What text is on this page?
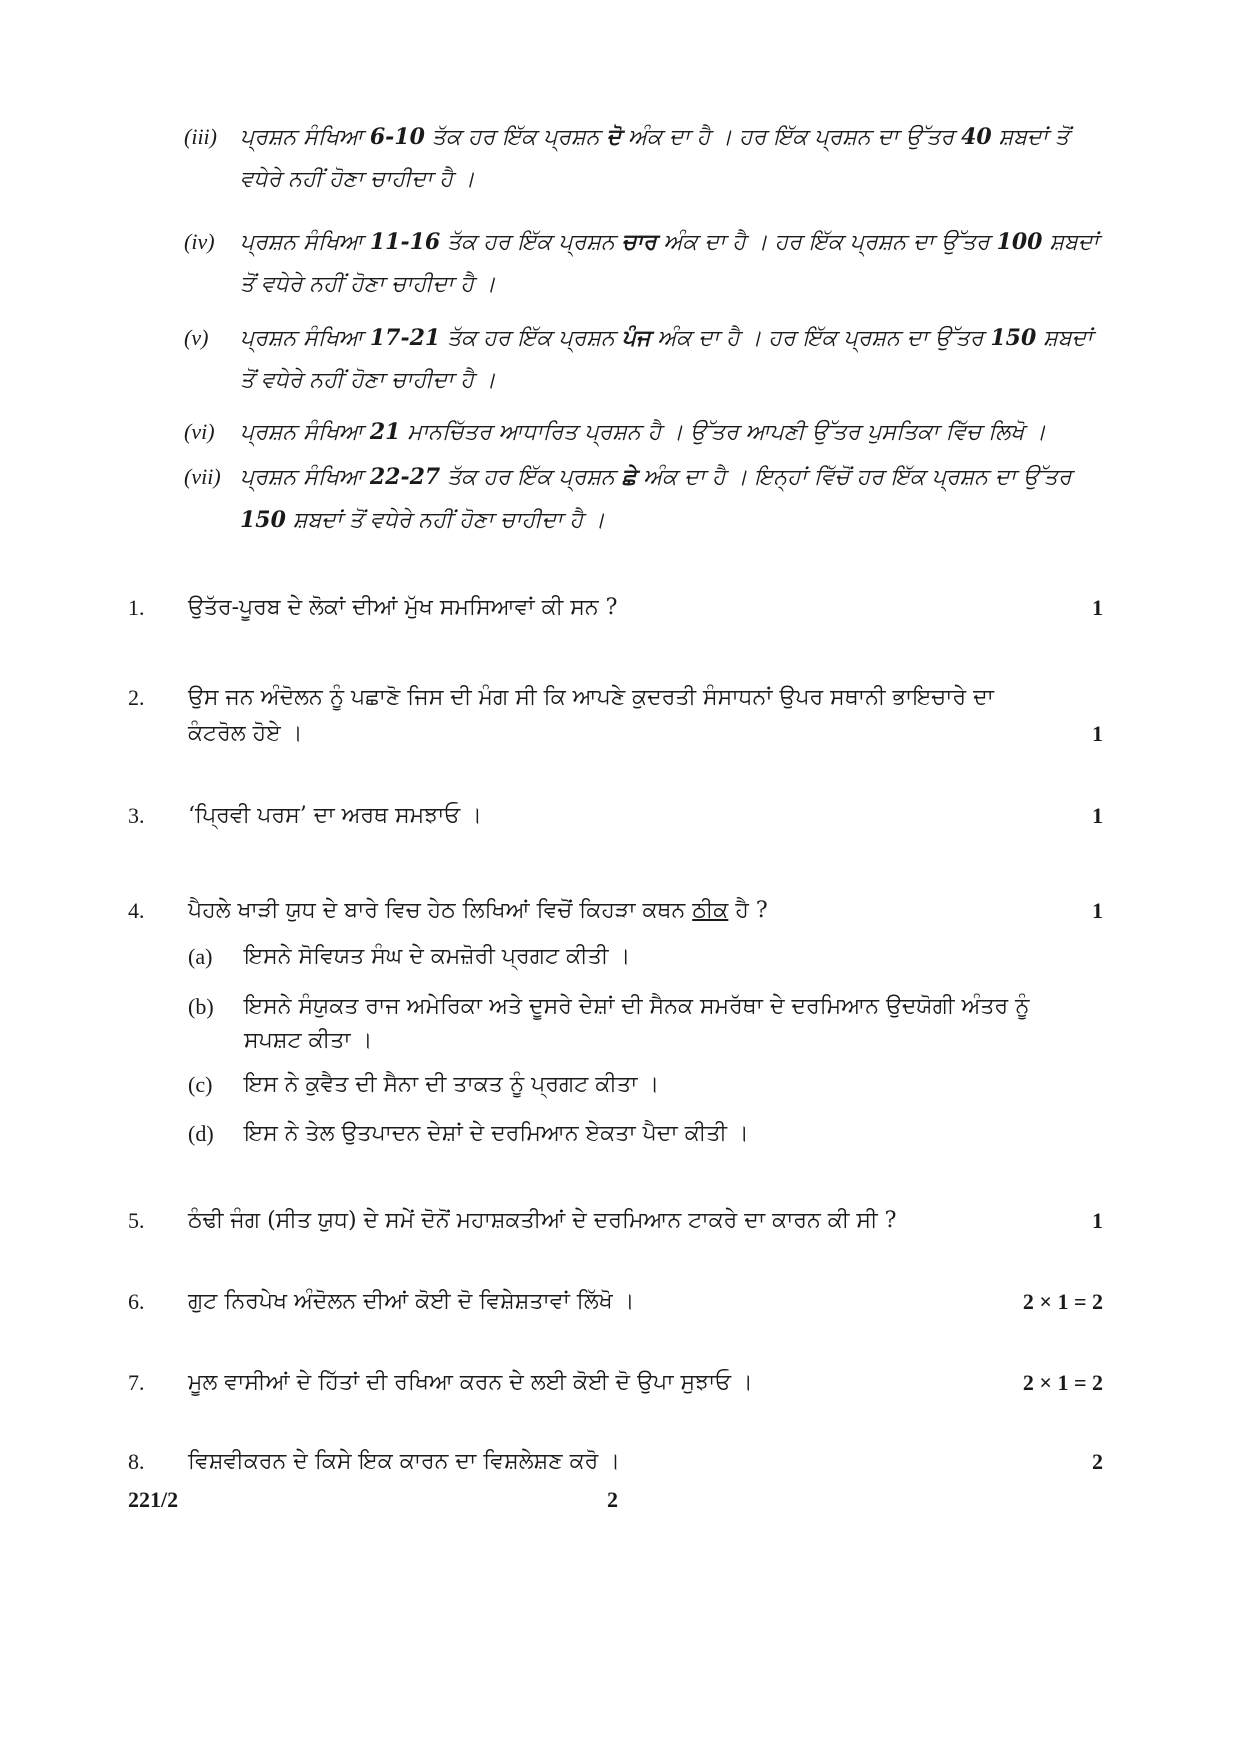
(iii)	ਪ੍ਰਸ਼ਨ ਸੰਖਿਆ 6-10 ਤੱਕ ਹਰ ਇੱਕ ਪ੍ਰਸ਼ਨ ਦੋ ਅੰਕ ਦਾ ਹੈ । ਹਰ ਇੱਕ ਪ੍ਰਸ਼ਨ ਦਾ ਉੱਤਰ 40 ਸ਼ਬਦਾਂ ਤੋਂ ਵਧੇਰੇ ਨਹੀਂ ਹੋਣਾ ਚਾਹੀਦਾ ਹੈ ।
(iv)	ਪ੍ਰਸ਼ਨ ਸੰਖਿਆ 11-16 ਤੱਕ ਹਰ ਇੱਕ ਪ੍ਰਸ਼ਨ ਚਾਰ ਅੰਕ ਦਾ ਹੈ । ਹਰ ਇੱਕ ਪ੍ਰਸ਼ਨ ਦਾ ਉੱਤਰ 100 ਸ਼ਬਦਾਂ ਤੋਂ ਵਧੇਰੇ ਨਹੀਂ ਹੋਣਾ ਚਾਹੀਦਾ ਹੈ ।
(v)	ਪ੍ਰਸ਼ਨ ਸੰਖਿਆ 17-21 ਤੱਕ ਹਰ ਇੱਕ ਪ੍ਰਸ਼ਨ ਪੰਜ ਅੰਕ ਦਾ ਹੈ । ਹਰ ਇੱਕ ਪ੍ਰਸ਼ਨ ਦਾ ਉੱਤਰ 150 ਸ਼ਬਦਾਂ ਤੋਂ ਵਧੇਰੇ ਨਹੀਂ ਹੋਣਾ ਚਾਹੀਦਾ ਹੈ ।
(vi)	ਪ੍ਰਸ਼ਨ ਸੰਖਿਆ 21 ਮਾਨਚਿੱਤਰ ਆਧਾਰਿਤ ਪ੍ਰਸ਼ਨ ਹੈ । ਉੱਤਰ ਆਪਣੀ ਉੱਤਰ ਪੁਸਤਿਕਾ ਵਿੱਚ ਲਿਖੋ ।
(vii) ਪ੍ਰਸ਼ਨ ਸੰਖਿਆ 22-27 ਤੱਕ ਹਰ ਇੱਕ ਪ੍ਰਸ਼ਨ ਛੇ ਅੰਕ ਦਾ ਹੈ । ਇਨ੍ਹਾਂ ਵਿੱਚੋਂ ਹਰ ਇੱਕ ਪ੍ਰਸ਼ਨ ਦਾ ਉੱਤਰ 150 ਸ਼ਬਦਾਂ ਤੋਂ ਵਧੇਰੇ ਨਹੀਂ ਹੋਣਾ ਚਾਹੀਦਾ ਹੈ ।
1. ਉਤੱਰ-ਪੂਰਬ ਦੇ ਲੋਕਾਂ ਦੀਆਂ ਮੁੱਖ ਸਮਸਿਆਵਾਂ ਕੀ ਸਨ ?	1
2. ਉਸ ਜਨ ਅੰਦੋਲਨ ਨੂੰ ਪਛਾਣੋ ਜਿਸ ਦੀ ਮੰਗ ਸੀ ਕਿ ਆਪਣੇ ਕੁਦਰਤੀ ਸੰਸਾਧਨਾਂ ਉਪਰ ਸਥਾਨੀ ਭਾਇਚਾਰੇ ਦਾ ਕੰਟਰੋਲ ਹੋਏ ।	1
3. ‘ਪ੍ਰਿਵੀ ਪਰਸ’ ਦਾ ਅਰਥ ਸਮਝਾਓ ।	1
4. ਪੈਹਲੇ ਖਾੜੀ ਯੁਧ ਦੇ ਬਾਰੇ ਵਿਚ ਹੇਠ ਲਿਖਿਆਂ ਵਿਚੋਂ ਕਿਹੜਾ ਕਥਨ ਠੀਕ ਹੈ ?	1
(a) ਇਸਨੇ ਸੋਵਿਯਤ ਸੰਘ ਦੇ ਕਮਜ਼ੋਰੀ ਪ੍ਰਗਟ ਕੀਤੀ ।
(b) ਇਸਨੇ ਸੰਯੁਕਤ ਰਾਜ ਅਮੇਰਿਕਾ ਅਤੇ ਦੂਸਰੇ ਦੇਸ਼ਾਂ ਦੀ ਸੈਨਕ ਸਮਰੱਥਾ ਦੇ ਦਰਮਿਆਨ ਉਦਯੋਗੀ ਅੰਤਰ ਨੂੰ ਸਪਸ਼ਟ ਕੀਤਾ ।
(c) ਇਸ ਨੇ ਕੁਵੈਤ ਦੀ ਸੈਨਾ ਦੀ ਤਾਕਤ ਨੂੰ ਪ੍ਰਗਟ ਕੀਤਾ ।
(d) ਇਸ ਨੇ ਤੇਲ ਉਤਪਾਦਨ ਦੇਸ਼ਾਂ ਦੇ ਦਰਮਿਆਨ ਏਕਤਾ ਪੈਦਾ ਕੀਤੀ ।
5. ਠੰਢੀ ਜੰਗ (ਸੀਤ ਯੁਧ) ਦੇ ਸਮੇਂ ਦੋਨੋਂ ਮਹਾਸ਼ਕਤੀਆਂ ਦੇ ਦਰਮਿਆਨ ਟਾਕਰੇ ਦਾ ਕਾਰਨ ਕੀ ਸੀ ?	1
6. ਗੁਟ ਨਿਰਪੇਖ ਅੰਦੋਲਨ ਦੀਆਂ ਕੋਈ ਦੋ ਵਿਸ਼ੇਸ਼ਤਾਵਾਂ ਲਿੱਖੋ ।	2 × 1 = 2
7. ਮੂਲ ਵਾਸੀਆਂ ਦੇ ਹਿੱਤਾਂ ਦੀ ਰਖਿਆ ਕਰਨ ਦੇ ਲਈ ਕੋਈ ਦੋ ਉਪਾ ਸੁਝਾਓ ।	2 × 1 = 2
8. ਵਿਸ਼ਵੀਕਰਨ ਦੇ ਕਿਸੇ ਇਕ ਕਾਰਨ ਦਾ ਵਿਸ਼ਲੇਸ਼ਣ ਕਰੋ ।	2
221/2	2
